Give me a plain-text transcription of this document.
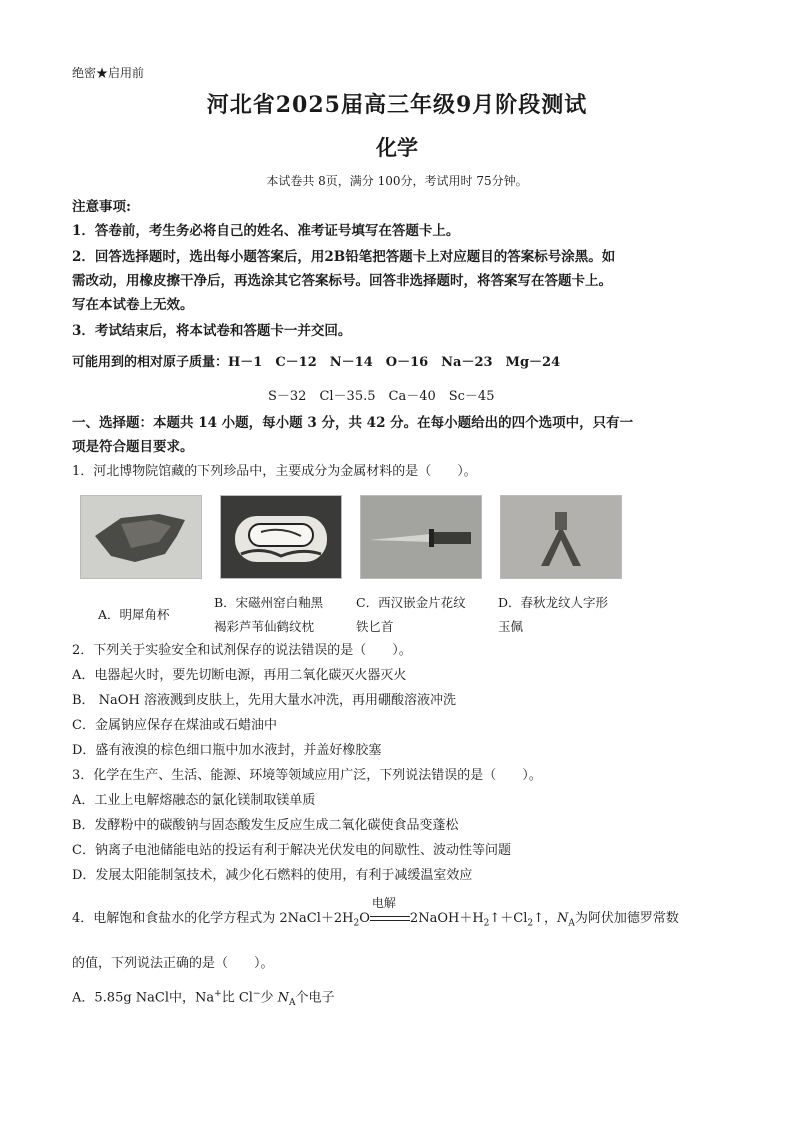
绝密★启用前
河北省2025届高三年级9月阶段测试
化学
本试卷共 8页，满分 100分，考试用时 75分钟。
注意事项:
1．答卷前，考生务必将自己的姓名、准考证号填写在答题卡上。
2．回答选择题时，选出每小题答案后，用2B铅笔把答题卡上对应题目的答案标号涂黑。如
需改动，用橡皮擦干净后，再选涂其它答案标号。回答非选择题时，将答案写在答题卡上。
写在本试卷上无效。
3．考试结束后，将本试卷和答题卡一并交回。
可能用到的相对原子质量：H－1　C－12　N－14　O－16　Na－23　Mg－24
S－32　Cl－35.5　Ca－40　Sc－45
一、选择题：本题共 14 小题，每小题 3 分，共 42 分。在每小题给出的四个选项中，只有一
项是符合题目要求。
1．河北博物院馆藏的下列珍品中，主要成分为金属材料的是（　　）。
A．明犀角杯
B．宋磁州窑白釉黑
褐彩芦苇仙鹤纹枕
C．西汉嵌金片花纹
铁匕首
D．春秋龙纹人字形
玉佩
2．下列关于实验安全和试剂保存的说法错误的是（　　）。
A．电器起火时，要先切断电源，再用二氧化碳灭火器灭火
B． NaOH 溶液溅到皮肤上，先用大量水冲洗，再用硼酸溶液冲洗
C．金属钠应保存在煤油或石蜡油中
D．盛有液溴的棕色细口瓶中加水液封，并盖好橡胶塞
3．化学在生产、生活、能源、环境等领域应用广泛，下列说法错误的是（　　）。
A．工业上电解熔融态的氯化镁制取镁单质
B．发酵粉中的碳酸钠与固态酸发生反应生成二氧化碳使食品变蓬松
C．钠离子电池储能电站的投运有利于解决光伏发电的间歇性、波动性等问题
D．发展太阳能制氢技术，减少化石燃料的使用，有利于减缓温室效应
4．电解饱和食盐水的化学方程式为 $2NaCl+2H_2O$
电解
$2NaOH+H_2↑+Cl_2↑$，$N_A$为阿伏加德罗常数
的值，下列说法正确的是（　　）。
A．5.85g NaCl中，Na+比 Cl−少 $N_A$个电子
